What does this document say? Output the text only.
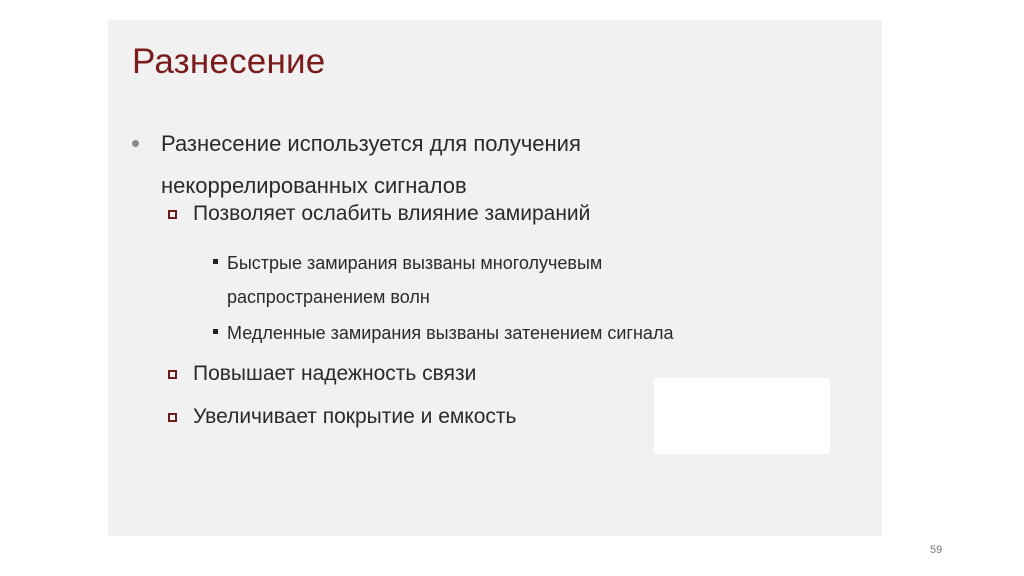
Разнесение
Разнесение используется для получения некоррелированных сигналов
Позволяет ослабить влияние замираний
Быстрые замирания вызваны многолучевым распространением волн
Медленные замирания вызваны затенением сигнала
Повышает надежность связи
Увеличивает покрытие и емкость
59
